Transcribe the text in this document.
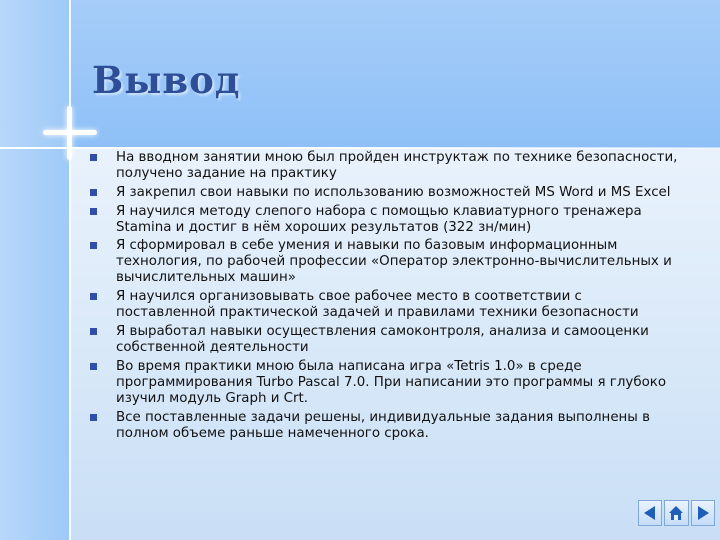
Вывод
На вводном занятии мною был пройден инструктаж по технике безопасности, получено задание на практику
Я закрепил свои навыки по использованию возможностей MS Word и MS Excel
Я научился методу слепого набора с помощью клавиатурного тренажера Stamina и достиг в нём хороших результатов (322 зн/мин)
Я сформировал в себе умения и навыки по базовым информационным технология, по рабочей профессии «Оператор электронно-вычислительных и вычислительных машин»
Я научился организовывать свое рабочее место в соответствии с поставленной практической задачей и правилами техники безопасности
Я выработал навыки осуществления самоконтроля, анализа и самооценки собственной деятельности
Во время практики мною была написана игра «Tetris 1.0» в среде программирования Turbo Pascal 7.0. При написании это программы я глубоко изучил модуль Graph и Crt.
Все поставленные задачи решены, индивидуальные задания выполнены в полном объеме раньше намеченного срока.
